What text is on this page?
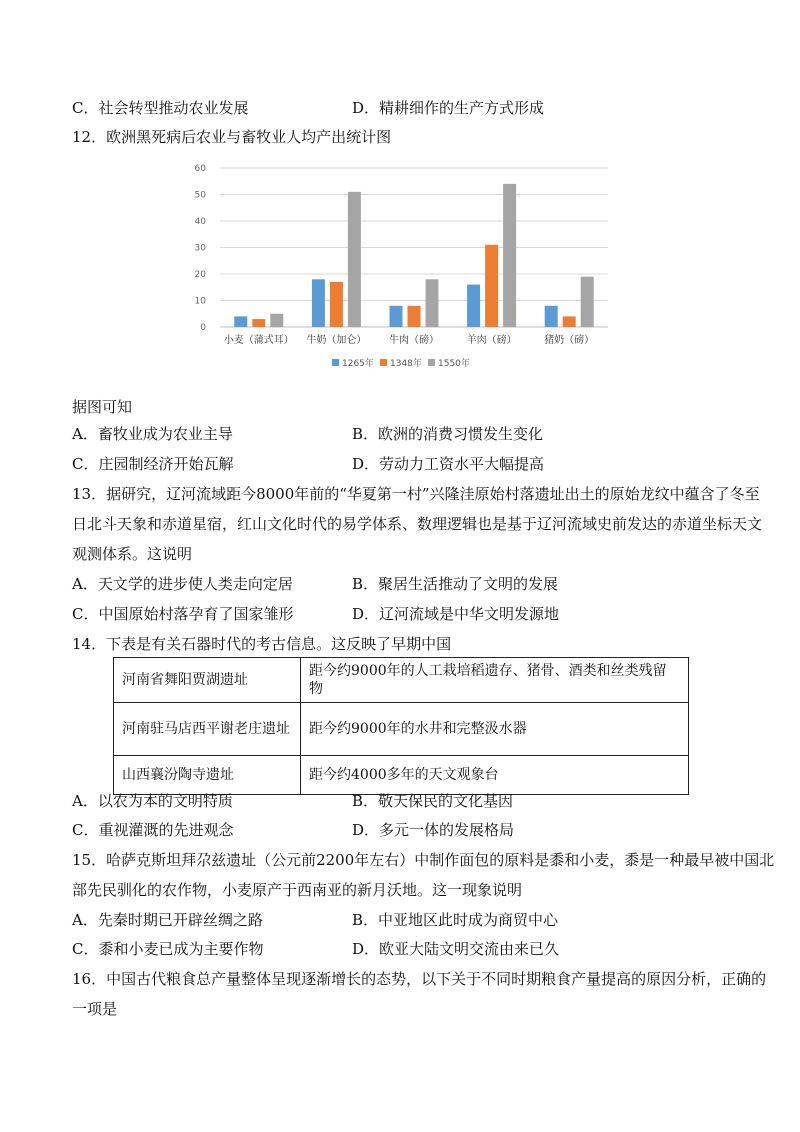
C．社会转型推动农业发展	D．精耕细作的生产方式形成
12．欧洲黑死病后农业与畜牧业人均产出统计图
0
10
20
30
40
50
60
小麦（蒲式耳） 牛奶（加仑） 牛肉（磅）	羊肉（磅）	猪奶（磅）
1265年 1348年 1550年
据图可知
A．畜牧业成为农业主导	B．欧洲的消费习惯发生变化
C．庄园制经济开始瓦解	D．劳动力工资水平大幅提高
13．据研究，辽河流域距今8000年前的“华夏第一村”兴隆洼原始村落遗址出土的原始龙纹中蕴含了冬至
日北斗天象和赤道星宿，红山文化时代的易学体系、数理逻辑也是基于辽河流域史前发达的赤道坐标天文
观测体系。这说明
A．天文学的进步使人类走向定居	B．聚居生活推动了文明的发展
C．中国原始村落孕育了国家雏形	D．辽河流域是中华文明发源地
14．下表是有关石器时代的考古信息。这反映了早期中国
河南省舞阳贾湖遗址	距今约9000年的人工栽培稻遗存、猪骨、酒类和丝类残留物
河南驻马店西平谢老庄遗址	距今约9000年的水井和完整汲水器
山西襄汾陶寺遗址	距今约4000多年的天文观象台
A．以农为本的文明特质	B．敬天保民的文化基因
C．重视灌溉的先进观念	D．多元一体的发展格局
15．哈萨克斯坦拜尕兹遗址（公元前2200年左右）中制作面包的原料是黍和小麦，黍是一种最早被中国北
部先民驯化的农作物，小麦原产于西南亚的新月沃地。这一现象说明
A．先秦时期已开辟丝绸之路	B．中亚地区此时成为商贸中心
C．黍和小麦已成为主要作物	D．欧亚大陆文明交流由来已久
16．中国古代粮食总产量整体呈现逐渐增长的态势，以下关于不同时期粮食产量提高的原因分析，正确的
一项是
